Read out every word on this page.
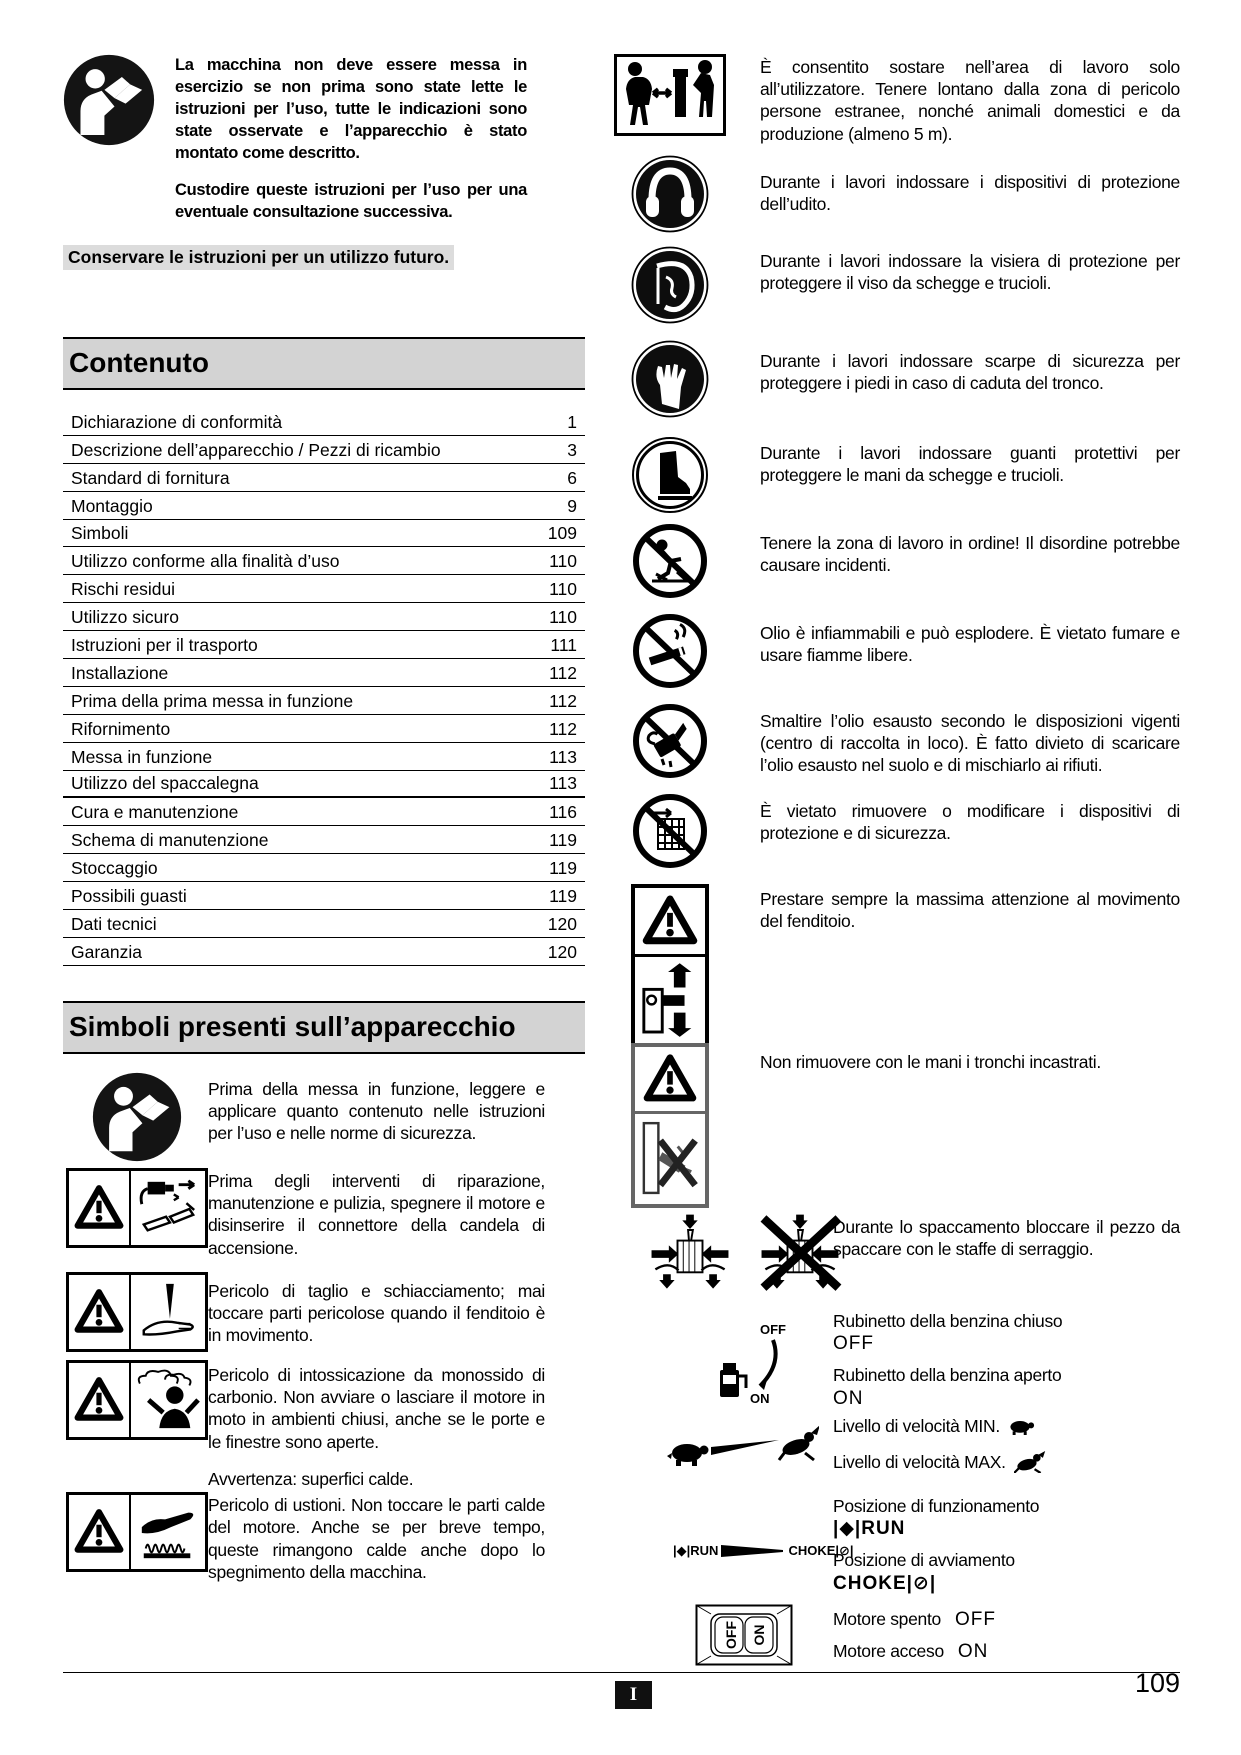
La macchina non deve essere messa in esercizio se non prima sono state lette le istruzioni per l’uso, tutte le indicazioni sono state osservate e l’apparecchio è stato montato come descritto.

Custodire queste istruzioni per l’uso per una eventuale consultazione successiva.

Conservare le istruzioni per un utilizzo futuro.
Contenuto
Dichiarazione di conformità	1
Descrizione dell’apparecchio / Pezzi di ricambio	3
Standard di fornitura	6
Montaggio	9
Simboli	109
Utilizzo conforme alla finalità d’uso	110
Rischi residui	110
Utilizzo sicuro	110
Istruzioni per il trasporto	111
Installazione	112
Prima della prima messa in funzione	112
Rifornimento	112
Messa in funzione	113
Utilizzo del spaccalegna	113
Cura e manutenzione	116
Schema di manutenzione	119
Stoccaggio	119
Possibili guasti	119
Dati tecnici	120
Garanzia	120
Simboli presenti sull’apparecchio
Prima della messa in funzione, leggere e applicare quanto contenuto nelle istruzioni per l’uso e nelle norme di sicurezza.
Prima degli interventi di riparazione, manutenzione e pulizia, spegnere il motore e disinserire il connettore della candela di accensione.
Pericolo di taglio e schiacciamento; mai toccare parti pericolose quando il fenditoio è in movimento.
Pericolo di intossicazione da monossido di carbonio. Non avviare o lasciare il motore in moto in ambienti chiusi, anche se le porte e le finestre sono aperte.

Avvertenza: superfici calde.

Pericolo di ustioni. Non toccare le parti calde del motore. Anche se per breve tempo, queste rimangono calde anche dopo lo spegnimento della macchina.

È consentito sostare nell’area di lavoro solo all’utilizzatore. Tenere lontano dalla zona di pericolo persone estranee, nonché animali domestici e da produzione (almeno 5 m).
Durante i lavori indossare i dispositivi di protezione dell’udito.
Durante i lavori indossare la visiera di protezione per proteggere il viso da schegge e trucioli.
Durante i lavori indossare scarpe di sicurezza per proteggere i piedi in caso di caduta del tronco.
Durante i lavori indossare guanti protettivi per proteggere le mani da schegge e trucioli.
Tenere la zona di lavoro in ordine! Il disordine potrebbe causare incidenti.
Olio è infiammabili e può esplodere. È vietato fumare e usare fiamme libere.
Smaltire l’olio esausto secondo le disposizioni vigenti (centro di raccolta in loco). È fatto divieto di scaricare l’olio esausto nel suolo e di mischiarlo ai rifiuti.
È vietato rimuovere o modificare i dispositivi di protezione e di sicurezza.
Prestare sempre la massima attenzione al movimento del fenditoio.
Non rimuovere con le mani i tronchi incastrati.
Durante lo spaccamento bloccare il pezzo da spaccare con le staffe di serraggio.
OFF
ON
Rubinetto della benzina chiuso
OFF
Rubinetto della benzina aperto
ON
Livello di velocità MIN.
Livello di velocità MAX.
|◆|RUN	CHOKE|⊘|
Posizione di funzionamento
|◆|RUN
Posizione di avviamento
CHOKE|⊘|
OFF ON
Motore spento OFF
Motore acceso ON
I	109
